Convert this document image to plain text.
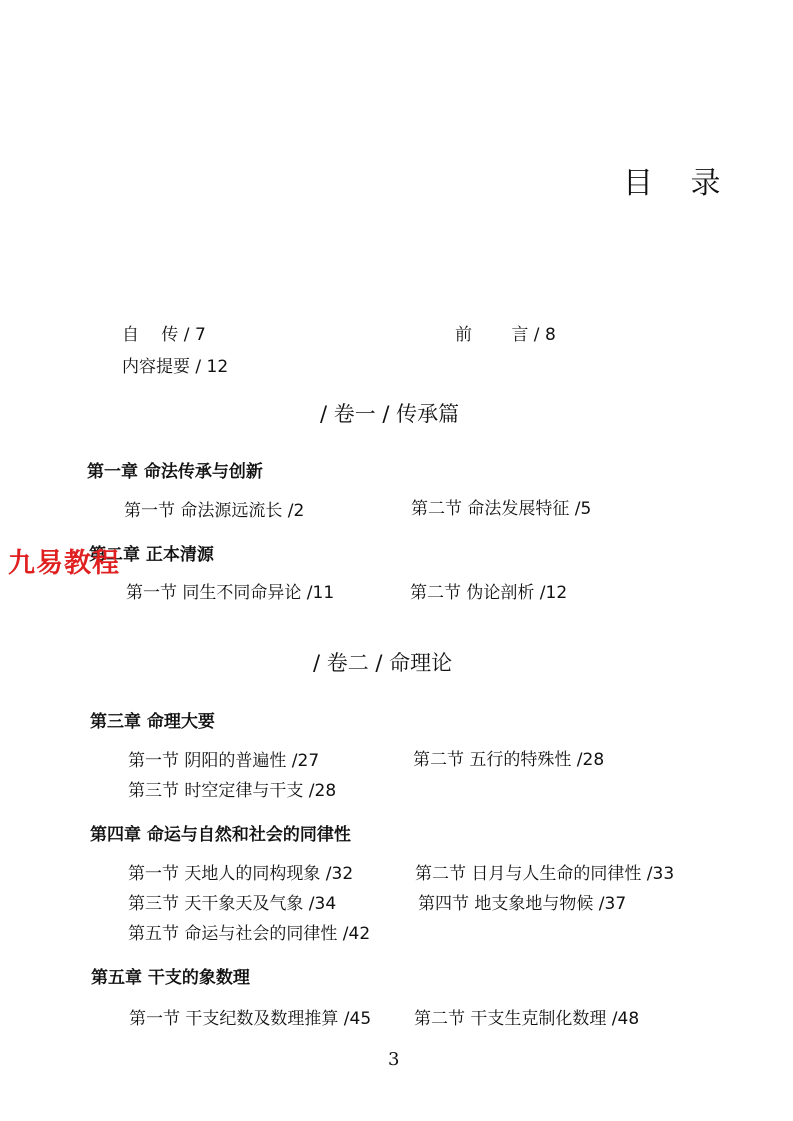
目 录
自　 传 / 7	前　　 言 / 8
内容提要 / 12
/ 卷一 / 传承篇
第一章 命法传承与创新
第一节 命法源远流长 /2	第二节 命法发展特征 /5
第二章 正本清源
第一节 同生不同命异论 /11	第二节 伪论剖析 /12
九易教程
/ 卷二 / 命理论
第三章 命理大要
第一节 阴阳的普遍性 /27	第二节 五行的特殊性 /28
第三节 时空定律与干支 /28
第四章 命运与自然和社会的同律性
第一节 天地人的同构现象 /32	第二节 日月与人生命的同律性 /33
第三节 天干象天及气象 /34	第四节 地支象地与物候 /37
第五节 命运与社会的同律性 /42
第五章 干支的象数理
第一节 干支纪数及数理推算 /45	第二节 干支生克制化数理 /48
3
